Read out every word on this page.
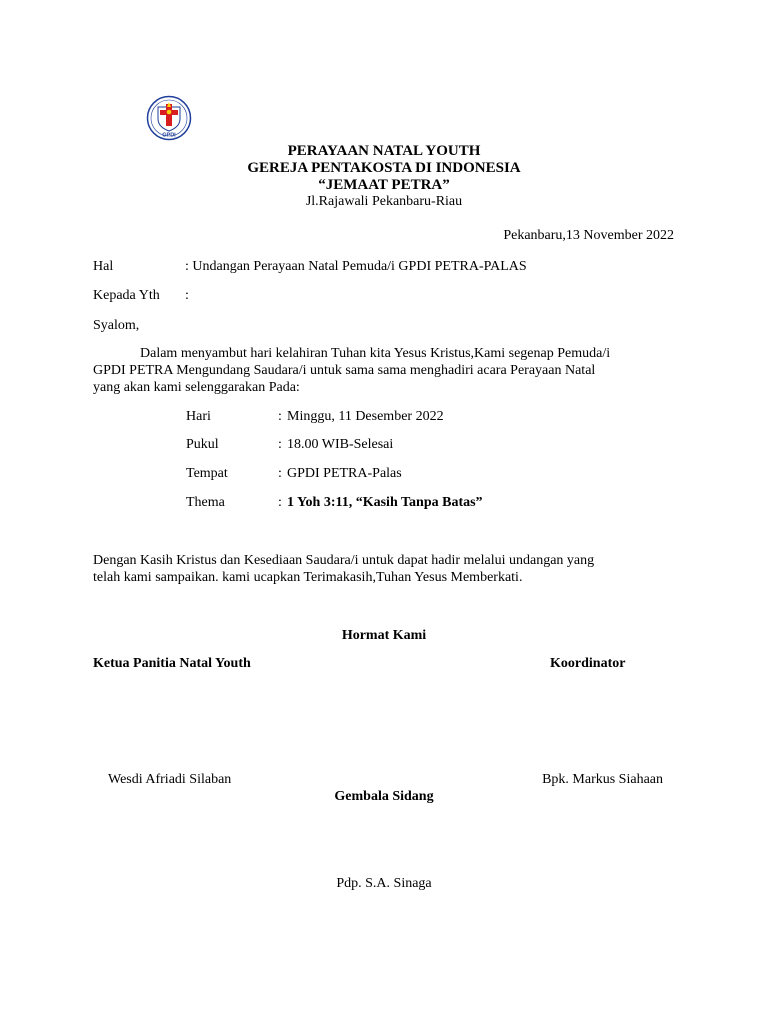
GPDI
PERAYAAN NATAL YOUTH
GEREJA PENTAKOSTA DI INDONESIA
“JEMAAT PETRA”
Jl.Rajawali Pekanbaru-Riau
Pekanbaru,13 November 2022
Hal	: Undangan Perayaan Natal Pemuda/i GPDI PETRA-PALAS
Kepada Yth :
Syalom,
Dalam menyambut hari kelahiran Tuhan kita Yesus Kristus,Kami segenap Pemuda/i
GPDI PETRA Mengundang Saudara/i untuk sama sama menghadiri acara Perayaan Natal
yang akan kami selenggarakan Pada:
Hari	: Minggu, 11 Desember 2022
Pukul	: 18.00 WIB-Selesai
Tempat	: GPDI PETRA-Palas
Thema	: 1 Yoh 3:11, “Kasih Tanpa Batas”
Dengan Kasih Kristus dan Kesediaan Saudara/i untuk dapat hadir melalui undangan yang
telah kami sampaikan. kami ucapkan Terimakasih,Tuhan Yesus Memberkati.
Hormat Kami
Ketua Panitia Natal Youth	Koordinator
Wesdi Afriadi Silaban	Bpk. Markus Siahaan
Gembala Sidang
Pdp. S.A. Sinaga
